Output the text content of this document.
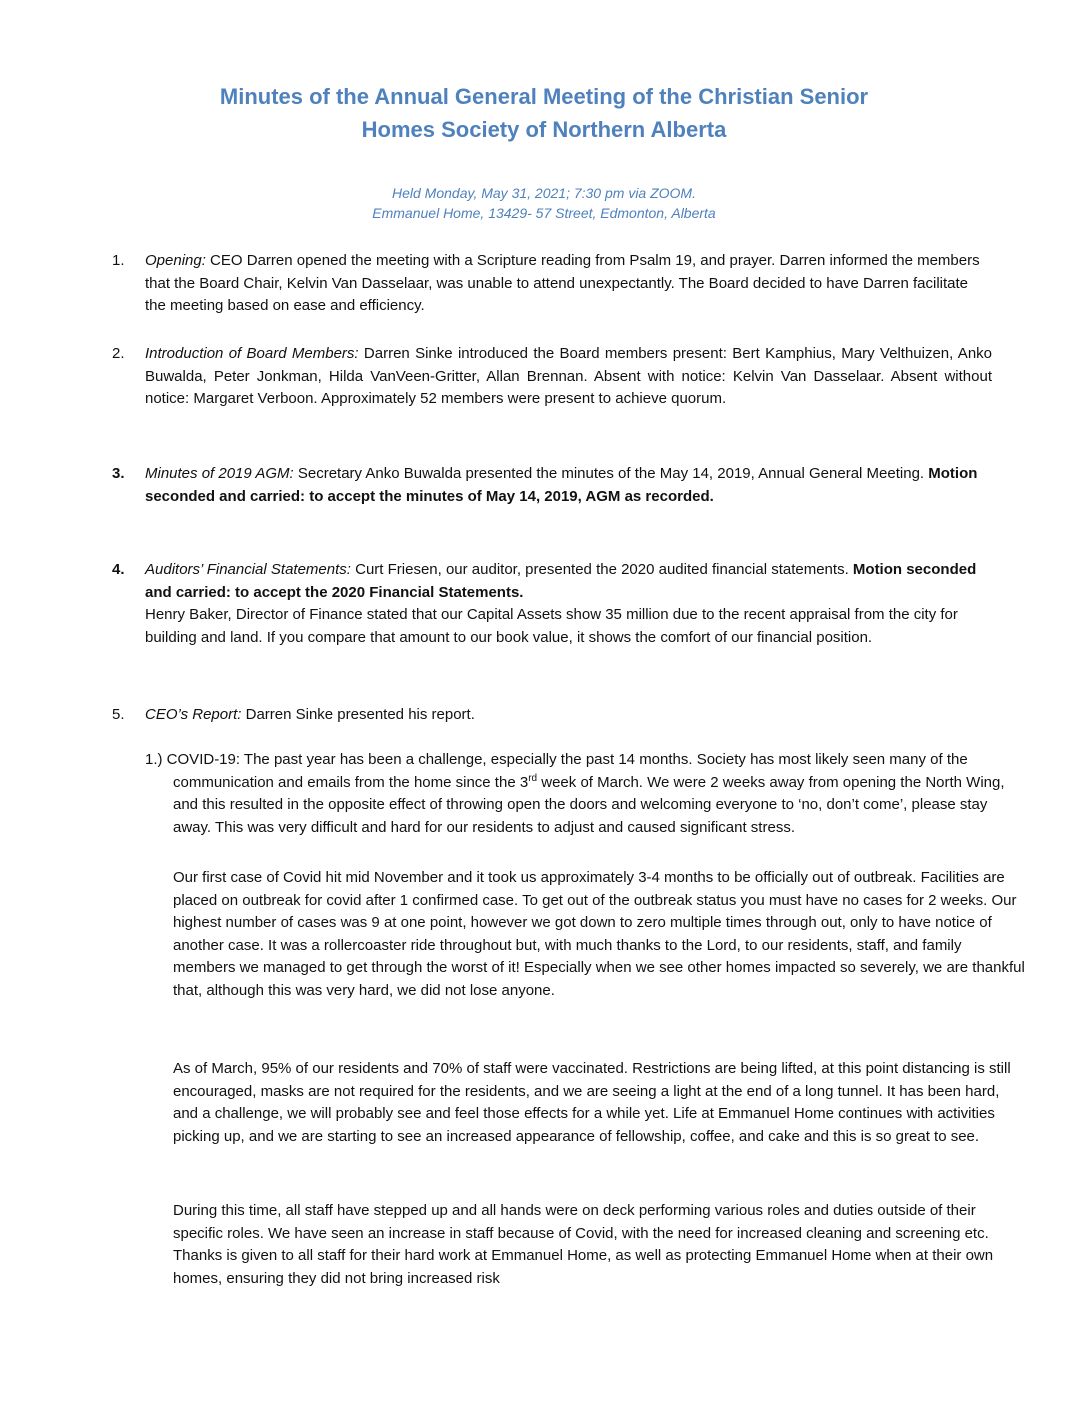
Minutes of the Annual General Meeting of the Christian Senior
Homes Society of Northern Alberta

Held Monday, May 31, 2021; 7:30 pm via ZOOM.
Emmanuel Home, 13429- 57 Street, Edmonton, Alberta

1.	Opening: CEO Darren opened the meeting with a Scripture reading from Psalm 19, and prayer. Darren informed the members that the Board Chair, Kelvin Van Dasselaar, was unable to attend unexpectantly. The Board decided to have Darren facilitate the meeting based on ease and efficiency.
2.	Introduction of Board Members: Darren Sinke introduced the Board members present: Bert Kamphius, Mary Velthuizen, Anko Buwalda, Peter Jonkman, Hilda VanVeen-Gritter, Allan Brennan. Absent with notice: Kelvin Van Dasselaar. Absent without notice: Margaret Verboon. Approximately 52 members were present to achieve quorum.
3.	Minutes of 2019 AGM: Secretary Anko Buwalda presented the minutes of the May 14, 2019, Annual General Meeting. Motion seconded and carried: to accept the minutes of May 14, 2019, AGM as recorded.
4.	Auditors’ Financial Statements: Curt Friesen, our auditor, presented the 2020 audited financial statements. Motion seconded and carried: to accept the 2020 Financial Statements.
Henry Baker, Director of Finance stated that our Capital Assets show 35 million due to the recent appraisal from the city for building and land. If you compare that amount to our book value, it shows the comfort of our financial position.
5.	CEO’s Report: Darren Sinke presented his report.
1.) COVID-19: The past year has been a challenge, especially the past 14 months. Society has most likely seen many of the communication and emails from the home since the 3rd week of March. We were 2 weeks away from opening the North Wing, and this resulted in the opposite effect of throwing open the doors and welcoming everyone to ‘no, don’t come’, please stay away. This was very difficult and hard for our residents to adjust and caused significant stress.

Our first case of Covid hit mid November and it took us approximately 3-4 months to be officially out of outbreak. Facilities are placed on outbreak for covid after 1 confirmed case. To get out of the outbreak status you must have no cases for 2 weeks. Our highest number of cases was 9 at one point, however we got down to zero multiple times through out, only to have notice of another case. It was a rollercoaster ride throughout but, with much thanks to the Lord, to our residents, staff, and family members we managed to get through the worst of it! Especially when we see other homes impacted so severely, we are thankful that, although this was very hard, we did not lose anyone.

As of March, 95% of our residents and 70% of staff were vaccinated. Restrictions are being lifted, at this point distancing is still encouraged, masks are not required for the residents, and we are seeing a light at the end of a long tunnel. It has been hard, and a challenge, we will probably see and feel those effects for a while yet. Life at Emmanuel Home continues with activities picking up, and we are starting to see an increased appearance of fellowship, coffee, and cake and this is so great to see.

During this time, all staff have stepped up and all hands were on deck performing various roles and duties outside of their specific roles. We have seen an increase in staff because of Covid, with the need for increased cleaning and screening etc. Thanks is given to all staff for their hard work at Emmanuel Home, as well as protecting Emmanuel Home when at their own homes, ensuring they did not bring increased risk
